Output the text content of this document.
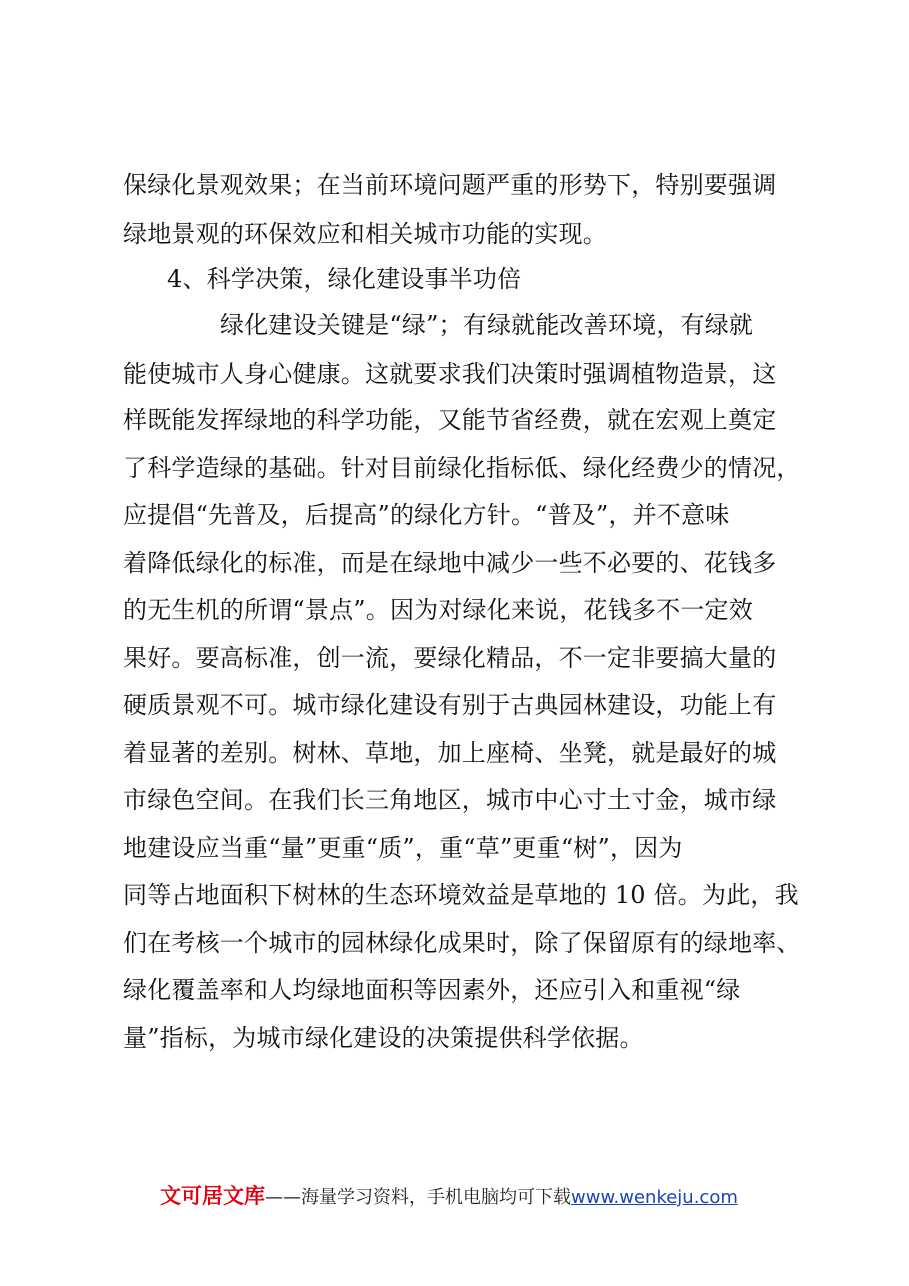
保绿化景观效果；在当前环境问题严重的形势下，特别要强调
绿地景观的环保效应和相关城市功能的实现。
4、科学决策，绿化建设事半功倍
绿化建设关键是“绿”；有绿就能改善环境，有绿就
能使城市人身心健康。这就要求我们决策时强调植物造景，这
样既能发挥绿地的科学功能，又能节省经费，就在宏观上奠定
了科学造绿的基础。针对目前绿化指标低、绿化经费少的情况，
应提倡“先普及，后提高”的绿化方针。“普及”，并不意味
着降低绿化的标准，而是在绿地中减少一些不必要的、花钱多
的无生机的所谓“景点”。因为对绿化来说，花钱多不一定效
果好。要高标准，创一流，要绿化精品，不一定非要搞大量的
硬质景观不可。城市绿化建设有别于古典园林建设，功能上有
着显著的差别。树林、草地，加上座椅、坐凳，就是最好的城
市绿色空间。在我们长三角地区，城市中心寸土寸金，城市绿
地建设应当重“量”更重“质”，重“草”更重“树”，因为
同等占地面积下树林的生态环境效益是草地的 10 倍。为此，我
们在考核一个城市的园林绿化成果时，除了保留原有的绿地率、
绿化覆盖率和人均绿地面积等因素外，还应引入和重视“绿
量”指标，为城市绿化建设的决策提供科学依据。
文可居文库——海量学习资料，手机电脑均可下载www.wenkeju.com
